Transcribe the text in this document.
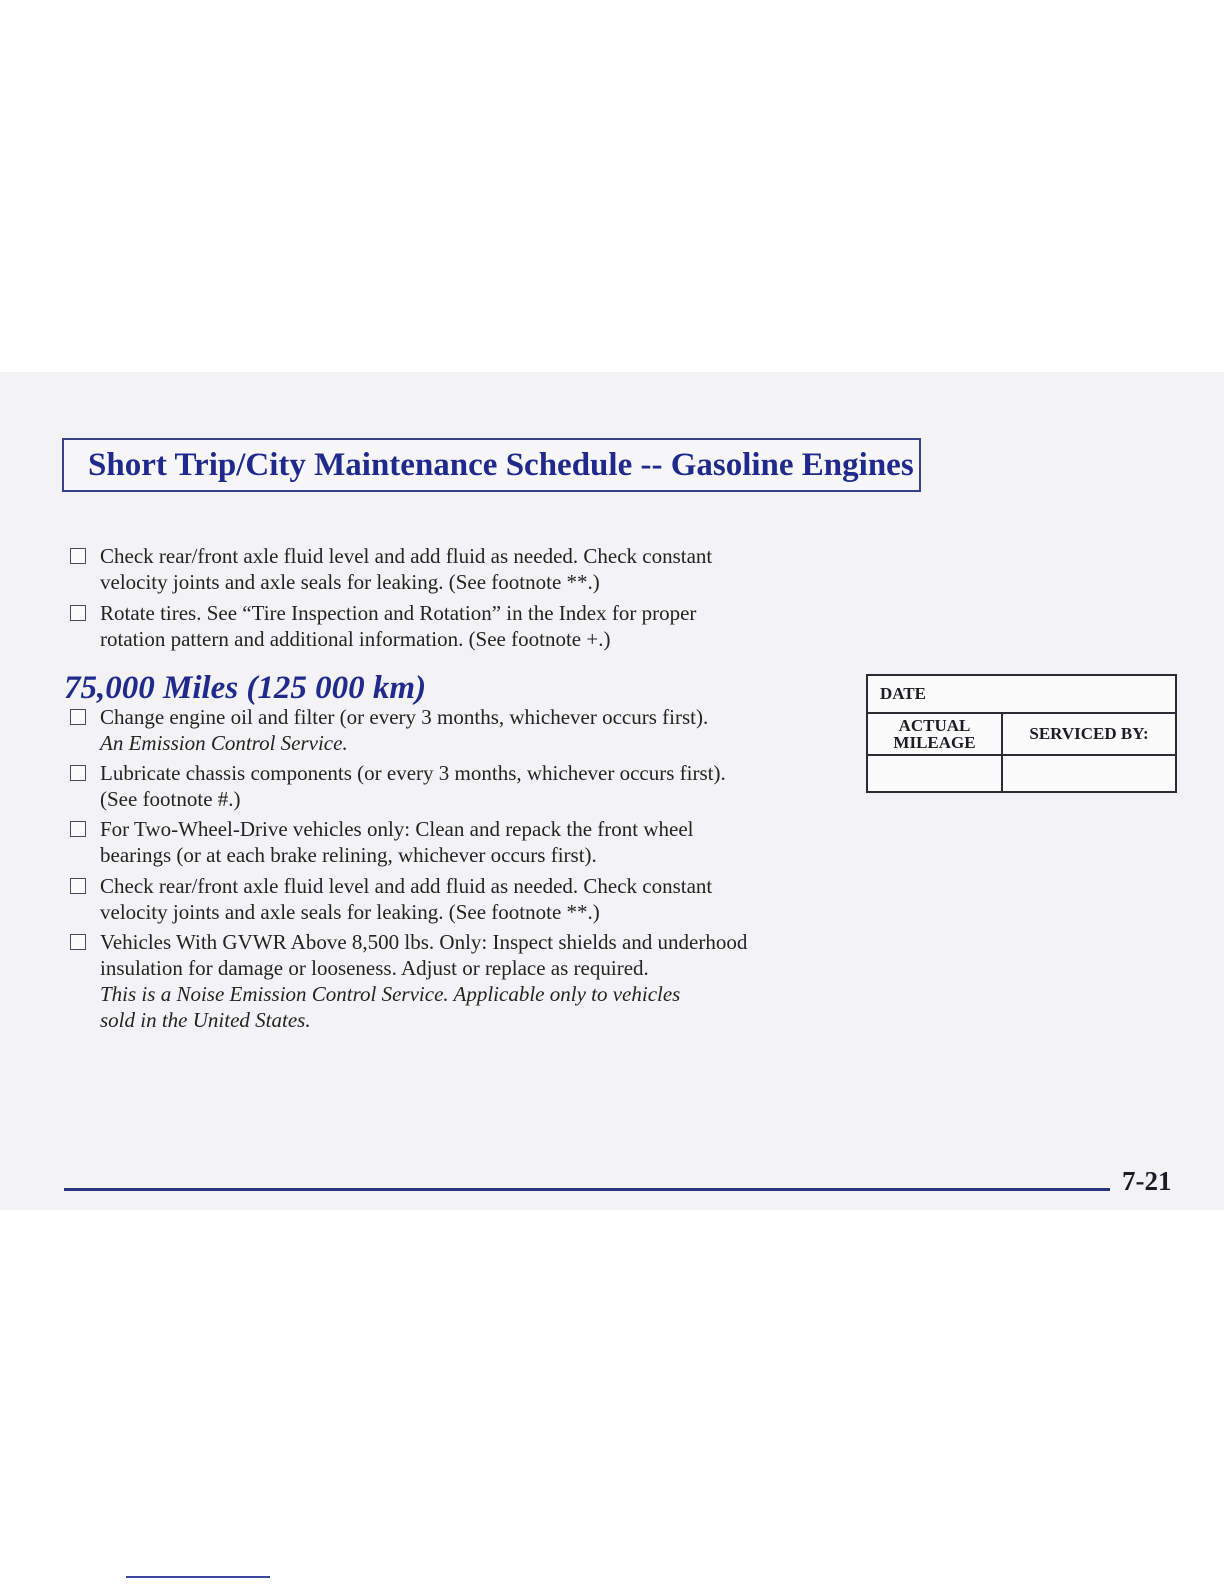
Short Trip/City Maintenance Schedule -- Gasoline Engines
Check rear/front axle fluid level and add fluid as needed. Check constant
velocity joints and axle seals for leaking. (See footnote **.)
Rotate tires. See “Tire Inspection and Rotation” in the Index for proper
rotation pattern and additional information. (See footnote +.)
75,000 Miles (125 000 km)
Change engine oil and filter (or every 3 months, whichever occurs first).
An Emission Control Service.
Lubricate chassis components (or every 3 months, whichever occurs first).
(See footnote #.)
For Two-Wheel-Drive vehicles only: Clean and repack the front wheel
bearings (or at each brake relining, whichever occurs first).
Check rear/front axle fluid level and add fluid as needed. Check constant
velocity joints and axle seals for leaking. (See footnote **.)
Vehicles With GVWR Above 8,500 lbs. Only: Inspect shields and underhood
insulation for damage or looseness. Adjust or replace as required.
This is a Noise Emission Control Service. Applicable only to vehicles
sold in the United States.
DATE	

ACTUAL
MILEAGE	SERVICED BY:

7-21
